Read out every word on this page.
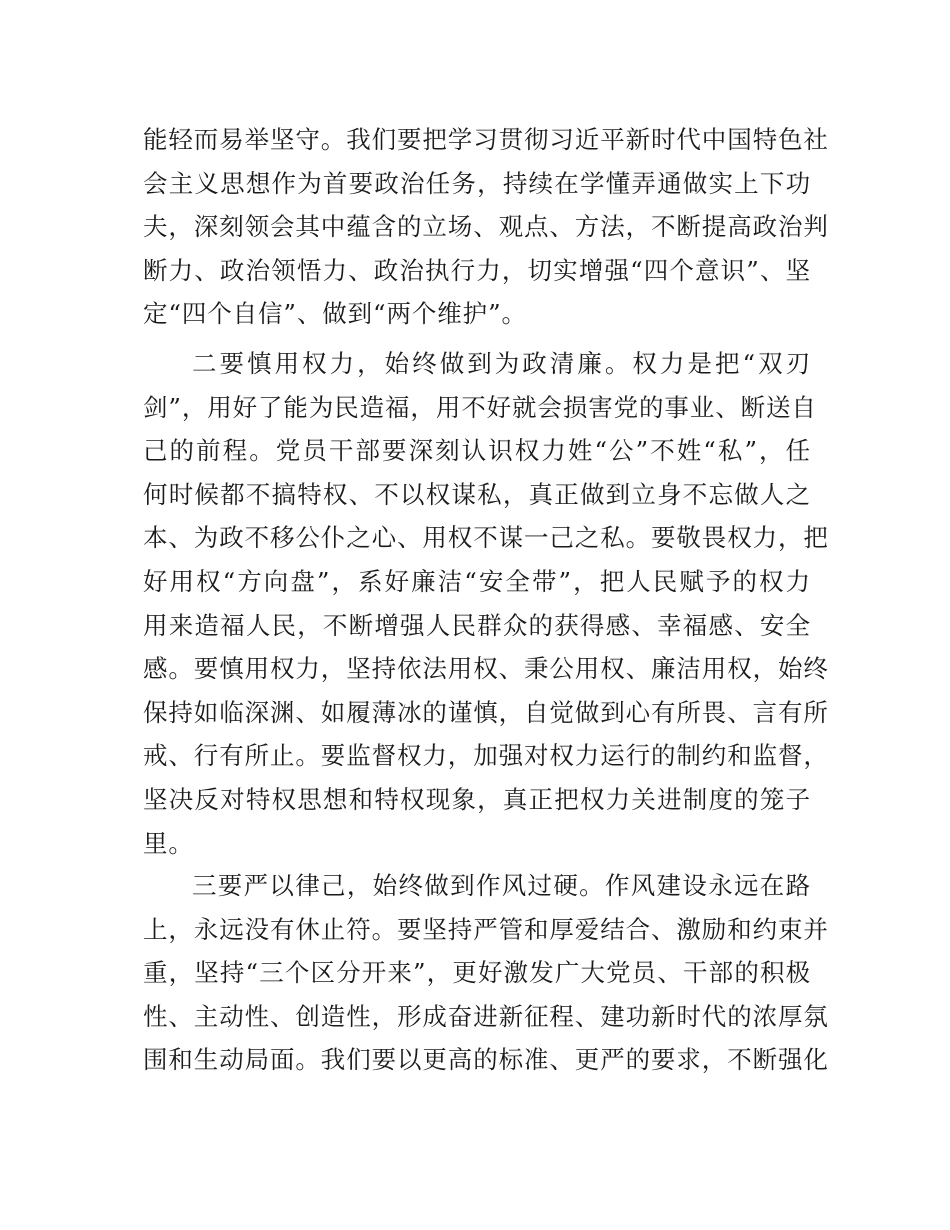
能轻而易举坚守。我们要把学习贯彻习近平新时代中国特色社
会主义思想作为首要政治任务，持续在学懂弄通做实上下功
夫，深刻领会其中蕴含的立场、观点、方法，不断提高政治判
断力、政治领悟力、政治执行力，切实增强“四个意识”、坚
定“四个自信”、做到“两个维护”。
二要慎用权力，始终做到为政清廉。权力是把“双刃
剑”，用好了能为民造福，用不好就会损害党的事业、断送自
己的前程。党员干部要深刻认识权力姓“公”不姓“私”，任
何时候都不搞特权、不以权谋私，真正做到立身不忘做人之
本、为政不移公仆之心、用权不谋一己之私。要敬畏权力，把
好用权“方向盘”，系好廉洁“安全带”，把人民赋予的权力
用来造福人民，不断增强人民群众的获得感、幸福感、安全
感。要慎用权力，坚持依法用权、秉公用权、廉洁用权，始终
保持如临深渊、如履薄冰的谨慎，自觉做到心有所畏、言有所
戒、行有所止。要监督权力，加强对权力运行的制约和监督，
坚决反对特权思想和特权现象，真正把权力关进制度的笼子
里。
三要严以律己，始终做到作风过硬。作风建设永远在路
上，永远没有休止符。要坚持严管和厚爱结合、激励和约束并
重，坚持“三个区分开来”，更好激发广大党员、干部的积极
性、主动性、创造性，形成奋进新征程、建功新时代的浓厚氛
围和生动局面。我们要以更高的标准、更严的要求，不断强化
